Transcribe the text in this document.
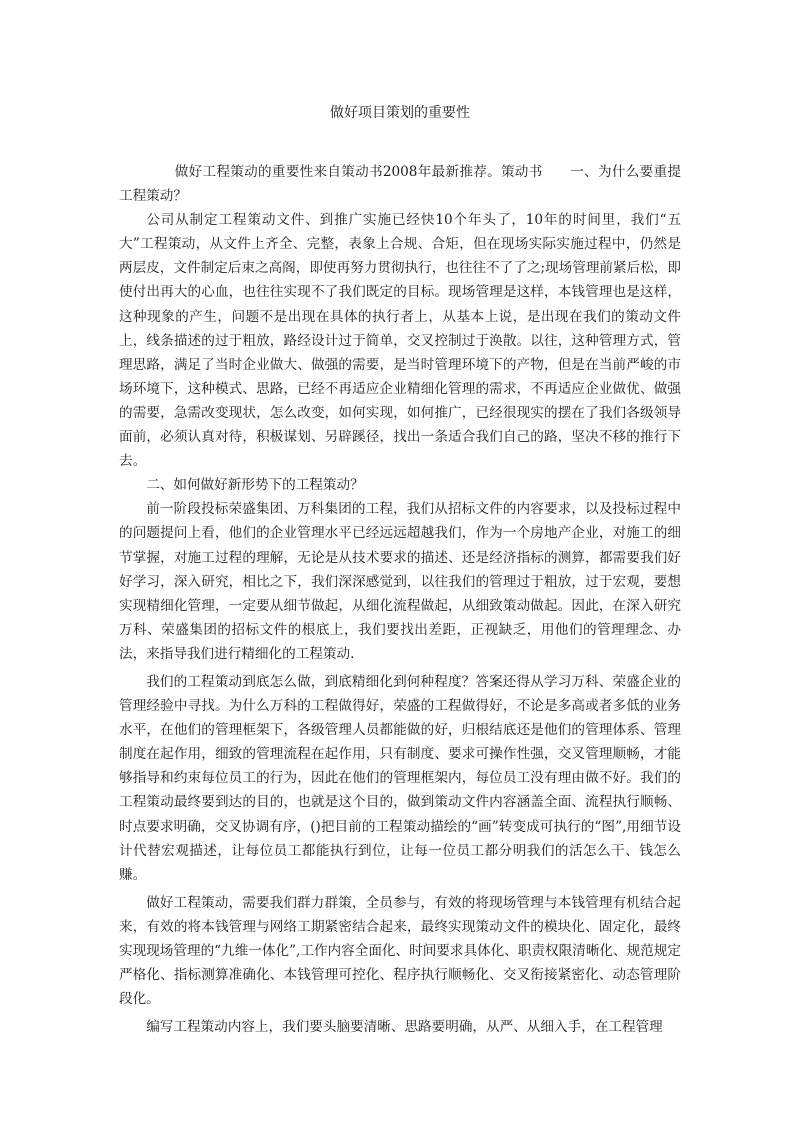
做好项目策划的重要性

做好工程策动的重要性来自策动书2008年最新推荐。策动书　　一、为什么要重提工程策动？

公司从制定工程策动文件、到推广实施已经快10个年头了，10年的时间里，我们“五大”工程策动，从文件上齐全、完整，表象上合规、合矩，但在现场实际实施过程中，仍然是两层皮，文件制定后束之高阁，即使再努力贯彻执行，也往往不了了之;现场管理前紧后松，即使付出再大的心血，也往往实现不了我们既定的目标。现场管理是这样，本钱管理也是这样，这种现象的产生，问题不是出现在具体的执行者上，从基本上说，是出现在我们的策动文件上，线条描述的过于粗放，路经设计过于简单，交叉控制过于涣散。以往，这种管理方式，管理思路，满足了当时企业做大、做强的需要，是当时管理环境下的产物，但是在当前严峻的市场环境下，这种模式、思路，已经不再适应企业精细化管理的需求，不再适应企业做优、做强的需要，急需改变现状，怎么改变，如何实现，如何推广，已经很现实的摆在了我们各级领导面前，必须认真对待，积极谋划、另辟蹊径，找出一条适合我们自己的路，坚决不移的推行下去。

二、如何做好新形势下的工程策动？

前一阶段投标荣盛集团、万科集团的工程，我们从招标文件的内容要求，以及投标过程中的问题提问上看，他们的企业管理水平已经远远超越我们，作为一个房地产企业，对施工的细节掌握，对施工过程的理解，无论是从技术要求的描述、还是经济指标的测算，都需要我们好好学习，深入研究，相比之下，我们深深感觉到，以往我们的管理过于粗放，过于宏观，要想实现精细化管理，一定要从细节做起，从细化流程做起，从细致策动做起。因此，在深入研究万科、荣盛集团的招标文件的根底上，我们要找出差距，正视缺乏，用他们的管理理念、办法，来指导我们进行精细化的工程策动.

我们的工程策动到底怎么做，到底精细化到何种程度？答案还得从学习万科、荣盛企业的管理经验中寻找。为什么万科的工程做得好，荣盛的工程做得好，不论是多高或者多低的业务水平，在他们的管理框架下，各级管理人员都能做的好，归根结底还是他们的管理体系、管理制度在起作用，细致的管理流程在起作用，只有制度、要求可操作性强，交叉管理顺畅，才能够指导和约束每位员工的行为，因此在他们的管理框架内，每位员工没有理由做不好。我们的工程策动最终要到达的目的，也就是这个目的，做到策动文件内容涵盖全面、流程执行顺畅、时点要求明确，交叉协调有序，()把目前的工程策动描绘的“画”转变成可执行的“图”,用细节设计代替宏观描述，让每位员工都能执行到位，让每一位员工都分明我们的活怎么干、钱怎么赚。

做好工程策动，需要我们群力群策，全员参与，有效的将现场管理与本钱管理有机结合起来，有效的将本钱管理与网络工期紧密结合起来，最终实现策动文件的模块化、固定化，最终实现现场管理的“九维一体化”,工作内容全面化、时间要求具体化、职责权限清晰化、规范规定严格化、指标测算准确化、本钱管理可控化、程序执行顺畅化、交叉衔接紧密化、动态管理阶段化。

编写工程策动内容上，我们要头脑要清晰、思路要明确，从严、从细入手，在工程管理
